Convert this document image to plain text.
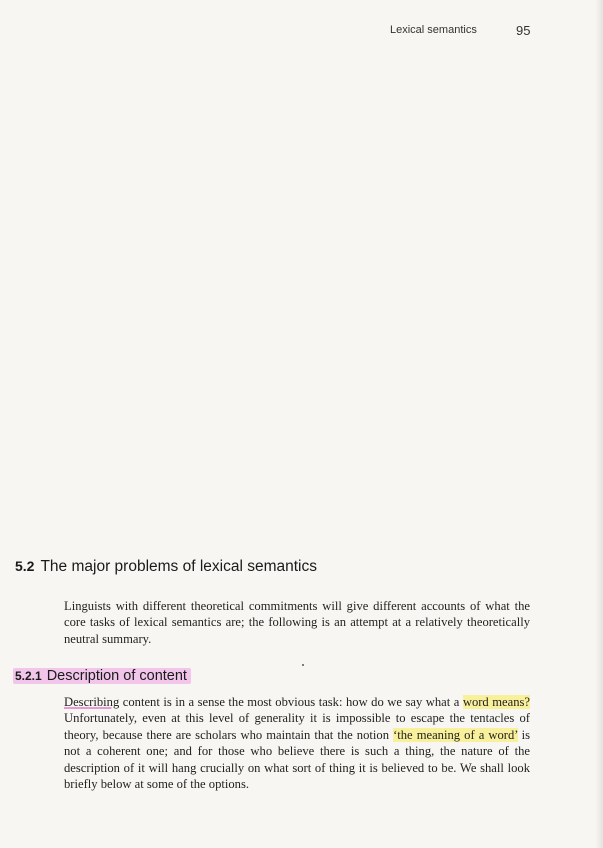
Lexical semantics	95
5.2 The major problems of lexical semantics

Linguists with different theoretical commitments will give different accounts of what the core tasks of lexical semantics are; the following is an attempt at a relatively theoretically neutral summary.

5.2.1 Description of content

Describing content is in a sense the most obvious task: how do we say what a word means? Unfortunately, even at this level of generality it is impossible to escape the tentacles of theory, because there are scholars who maintain that the notion ‘the meaning of a word’ is not a coherent one; and for those who believe there is such a thing, the nature of the description of it will hang crucially on what sort of thing it is believed to be. We shall look briefly below at some of the options.
